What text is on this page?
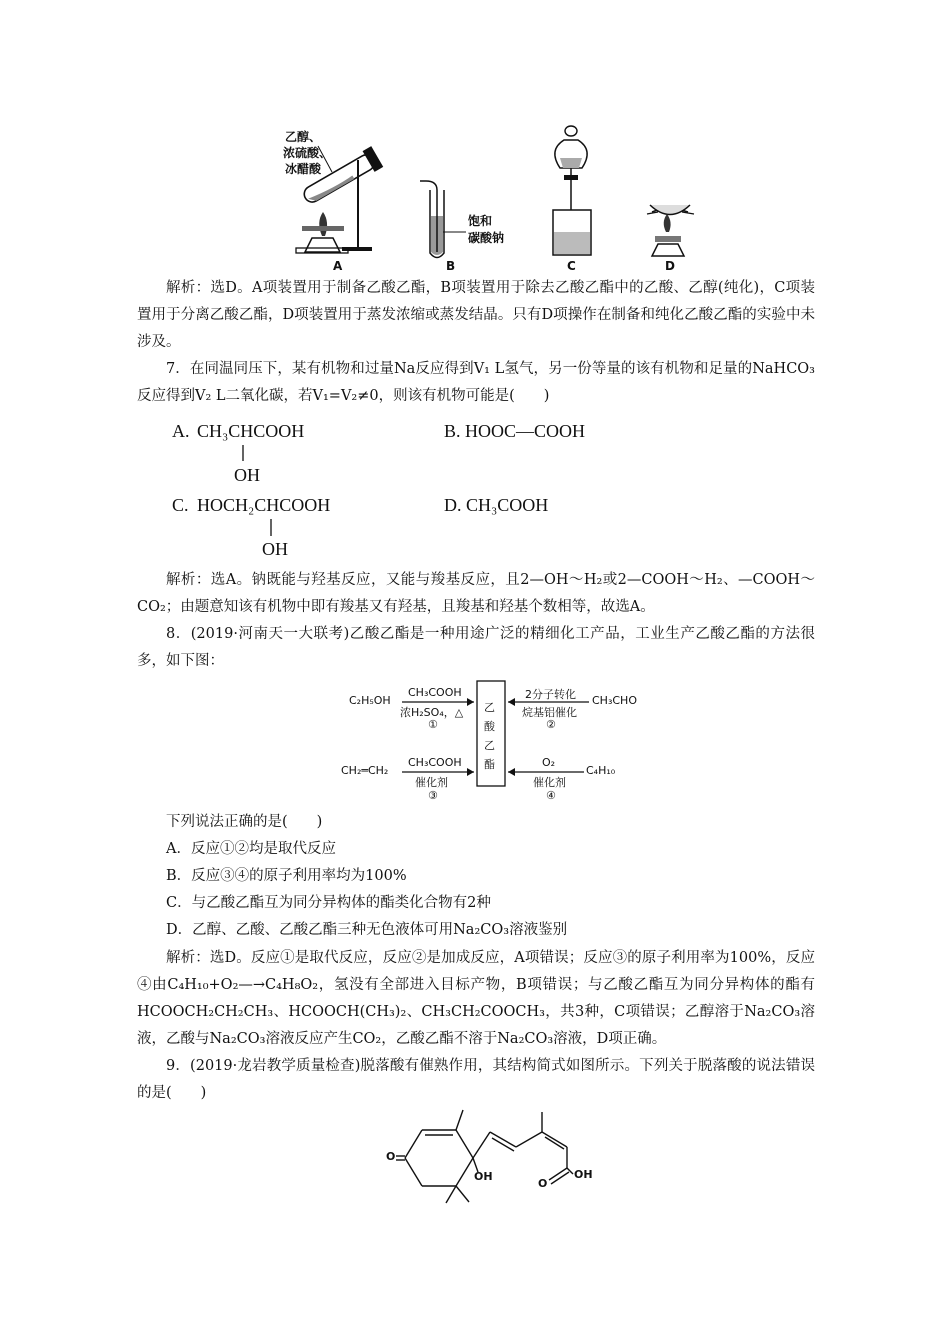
乙醇、
浓硫酸、
冰醋酸
饱和
碳酸钠
A	B	C	D

解析：选D。A项装置用于制备乙酸乙酯，B项装置用于除去乙酸乙酯中的乙酸、乙醇(纯化)，C项装置用于分离乙酸乙酯，D项装置用于蒸发浓缩或蒸发结晶。只有D项操作在制备和纯化乙酸乙酯的实验中未涉及。

7．在同温同压下，某有机物和过量Na反应得到V₁ L氢气，另一份等量的该有机物和足量的NaHCO₃反应得到V₂ L二氧化碳，若V₁=V₂≠0，则该有机物可能是(　　)

A. CH₃CHCOOH
OH
B. HOOC—COOH
C. HOCH₂CHCOOH
OH
D. CH₃COOH

解析：选A。钠既能与羟基反应，又能与羧基反应，且2—OH～H₂或2—COOH～H₂、—COOH～CO₂；由题意知该有机物中即有羧基又有羟基，且羧基和羟基个数相等，故选A。

8．(2019·河南天一大联考)乙酸乙酯是一种用途广泛的精细化工产品，工业生产乙酸乙酯的方法很多，如下图：

乙
酸
乙
酯
C₂H₅OH
CH₃COOH
浓H₂SO₄，△
①
CH₃CHO
2分子转化
烷基铝催化
②
CH₂═CH₂
CH₃COOH
催化剂
③
C₄H₁₀
O₂
催化剂
④

下列说法正确的是(　　)

A．反应①②均是取代反应

B．反应③④的原子利用率均为100%

C．与乙酸乙酯互为同分异构体的酯类化合物有2种

D．乙醇、乙酸、乙酸乙酯三种无色液体可用Na₂CO₃溶液鉴别

解析：选D。反应①是取代反应，反应②是加成反应，A项错误；反应③的原子利用率为100%，反应④由C₄H₁₀+O₂—→C₄H₈O₂，氢没有全部进入目标产物，B项错误；与乙酸乙酯互为同分异构体的酯有HCOOCH₂CH₂CH₃、HCOOCH(CH₃)₂、CH₃CH₂COOCH₃，共3种，C项错误；乙醇溶于Na₂CO₃溶液，乙酸与Na₂CO₃溶液反应产生CO₂，乙酸乙酯不溶于Na₂CO₃溶液，D项正确。

9．(2019·龙岩教学质量检查)脱落酸有催熟作用，其结构简式如图所示。下列关于脱落酸的说法错误的是(　　)

O
OH
O
OH
